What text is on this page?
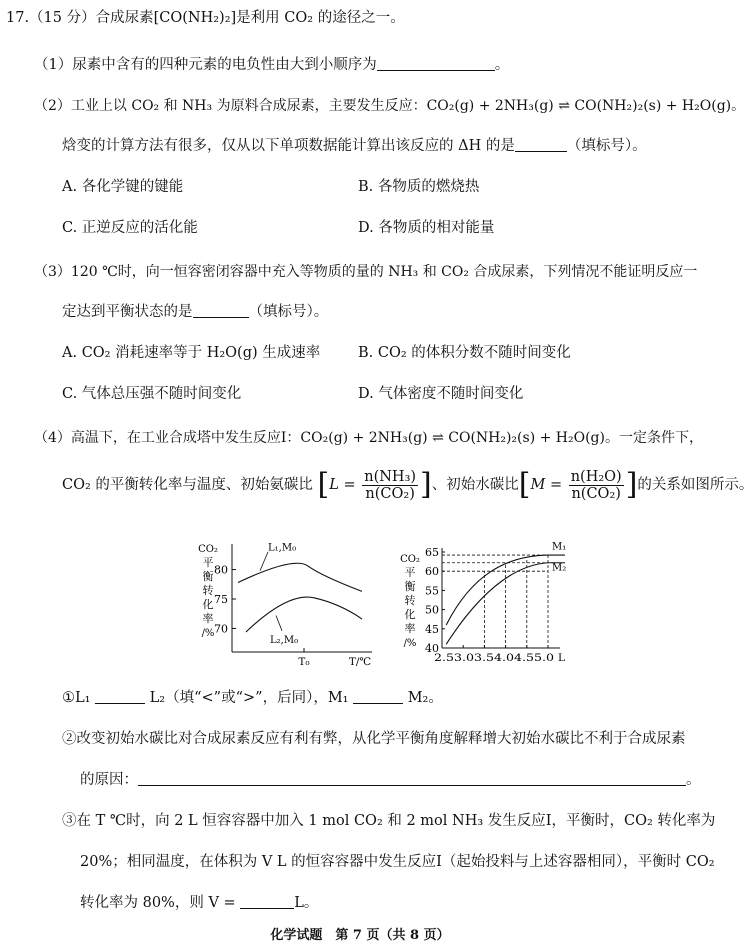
17.（15 分）合成尿素[CO(NH₂)₂]是利用 CO₂ 的途径之一。
（1）尿素中含有的四种元素的电负性由大到小顺序为	。
（2）工业上以 CO₂ 和 NH₃ 为原料合成尿素，主要发生反应：CO₂(g) + 2NH₃(g) ⇌ CO(NH₂)₂(s) + H₂O(g)。
焓变的计算方法有很多，仅从以下单项数据能计算出该反应的 ΔH 的是	（填标号）。
A. 各化学键的键能	B. 各物质的燃烧热
C. 正逆反应的活化能	D. 各物质的相对能量
（3）120 ℃时，向一恒容密闭容器中充入等物质的量的 NH₃ 和 CO₂ 合成尿素，下列情况不能证明反应一
定达到平衡状态的是	（填标号）。
A. CO₂ 消耗速率等于 H₂O(g) 生成速率	B. CO₂ 的体积分数不随时间变化
C. 气体总压强不随时间变化	D. 气体密度不随时间变化
（4）高温下，在工业合成塔中发生反应Ⅰ：CO₂(g) + 2NH₃(g) ⇌ CO(NH₂)₂(s) + H₂O(g)。一定条件下，
CO₂ 的平衡转化率与温度、初始氨碳比 [$L = \frac{\text{n(NH₃)}}{\text{n(CO₂)}}$ ]、初始水碳比[$M = \frac{\text{n(H₂O)}}{\text{n(CO₂)}}$ ]的关系如图所示。
CO₂
平
衡
转
化
率
/% 70
75
80
T₀	T/℃
L₁,M₀
L₂,M₀
CO₂
平
衡
转
化
率
/% 40
45
50
55
60
65
2.53.03.54.04.55.0 L
M₁
M₂
①L₁	L₂（填“<”或“>”，后同），M₁	M₂。
②改变初始水碳比对合成尿素反应有利有弊，从化学平衡角度解释增大初始水碳比不利于合成尿素
的原因：	。
③在 T ℃时，向 2 L 恒容容器中加入 1 mol CO₂ 和 2 mol NH₃ 发生反应Ⅰ，平衡时，CO₂ 转化率为
20%；相同温度，在体积为 V L 的恒容容器中发生反应Ⅰ（起始投料与上述容器相同），平衡时 CO₂
转化率为 80%，则 V =	L。
化学试题　第 7 页（共 8 页）
